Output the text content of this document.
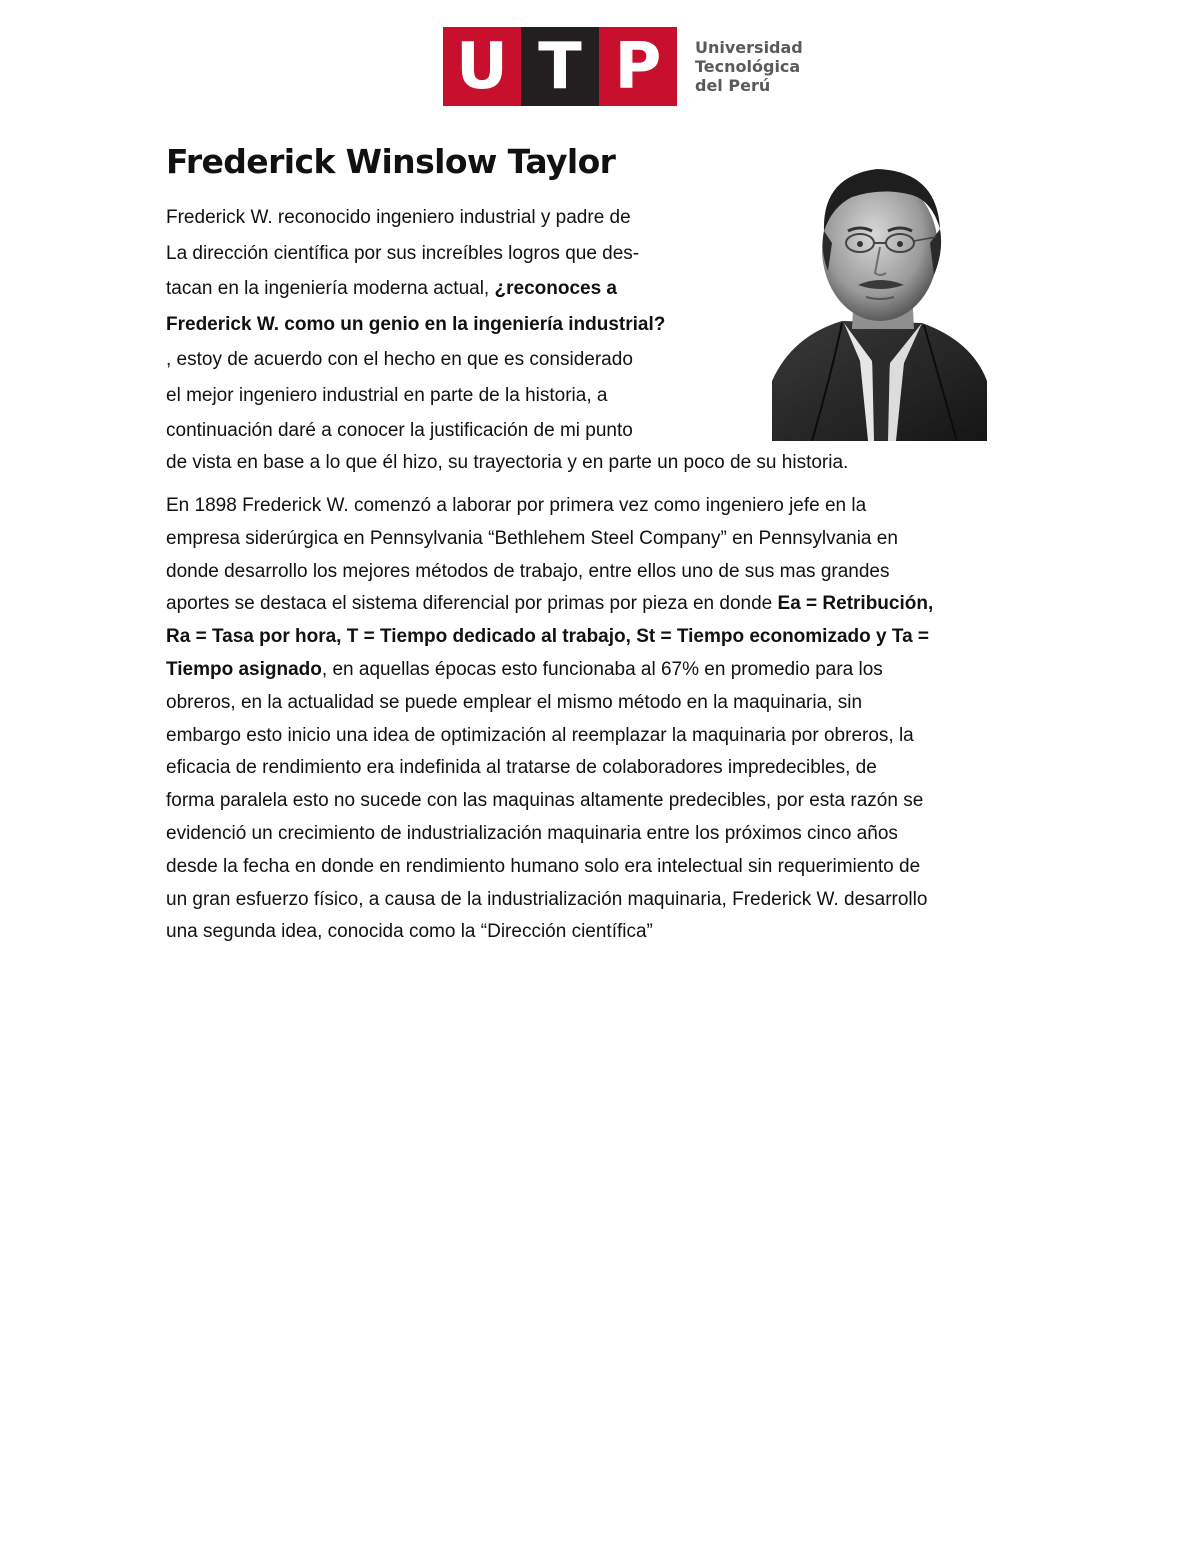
U T P	Universidad
Tecnológica
del Perú
Frederick Winslow Taylor
Frederick W. reconocido ingeniero industrial y padre de
La dirección científica por sus increíbles logros que des-
tacan en la ingeniería moderna actual, ¿reconoces a
Frederick W. como un genio en la ingeniería industrial?
, estoy de acuerdo con el hecho en que es considerado
el mejor ingeniero industrial en parte de la historia, a
continuación daré a conocer la justificación de mi punto
de vista en base a lo que él hizo, su trayectoria y en parte un poco de su historia.
En 1898 Frederick W. comenzó a laborar por primera vez como ingeniero jefe en la
empresa siderúrgica en Pennsylvania “Bethlehem Steel Company” en Pennsylvania en
donde desarrollo los mejores métodos de trabajo, entre ellos uno de sus mas grandes
aportes se destaca el sistema diferencial por primas por pieza en donde Ea = Retribución,
Ra = Tasa por hora, T = Tiempo dedicado al trabajo, St = Tiempo economizado y Ta =
Tiempo asignado, en aquellas épocas esto funcionaba al 67% en promedio para los
obreros, en la actualidad se puede emplear el mismo método en la maquinaria, sin
embargo esto inicio una idea de optimización al reemplazar la maquinaria por obreros, la
eficacia de rendimiento era indefinida al tratarse de colaboradores impredecibles, de
forma paralela esto no sucede con las maquinas altamente predecibles, por esta razón se
evidenció un crecimiento de industrialización maquinaria entre los próximos cinco años
desde la fecha en donde en rendimiento humano solo era intelectual sin requerimiento de
un gran esfuerzo físico, a causa de la industrialización maquinaria, Frederick W. desarrollo
una segunda idea, conocida como la “Dirección científica”
